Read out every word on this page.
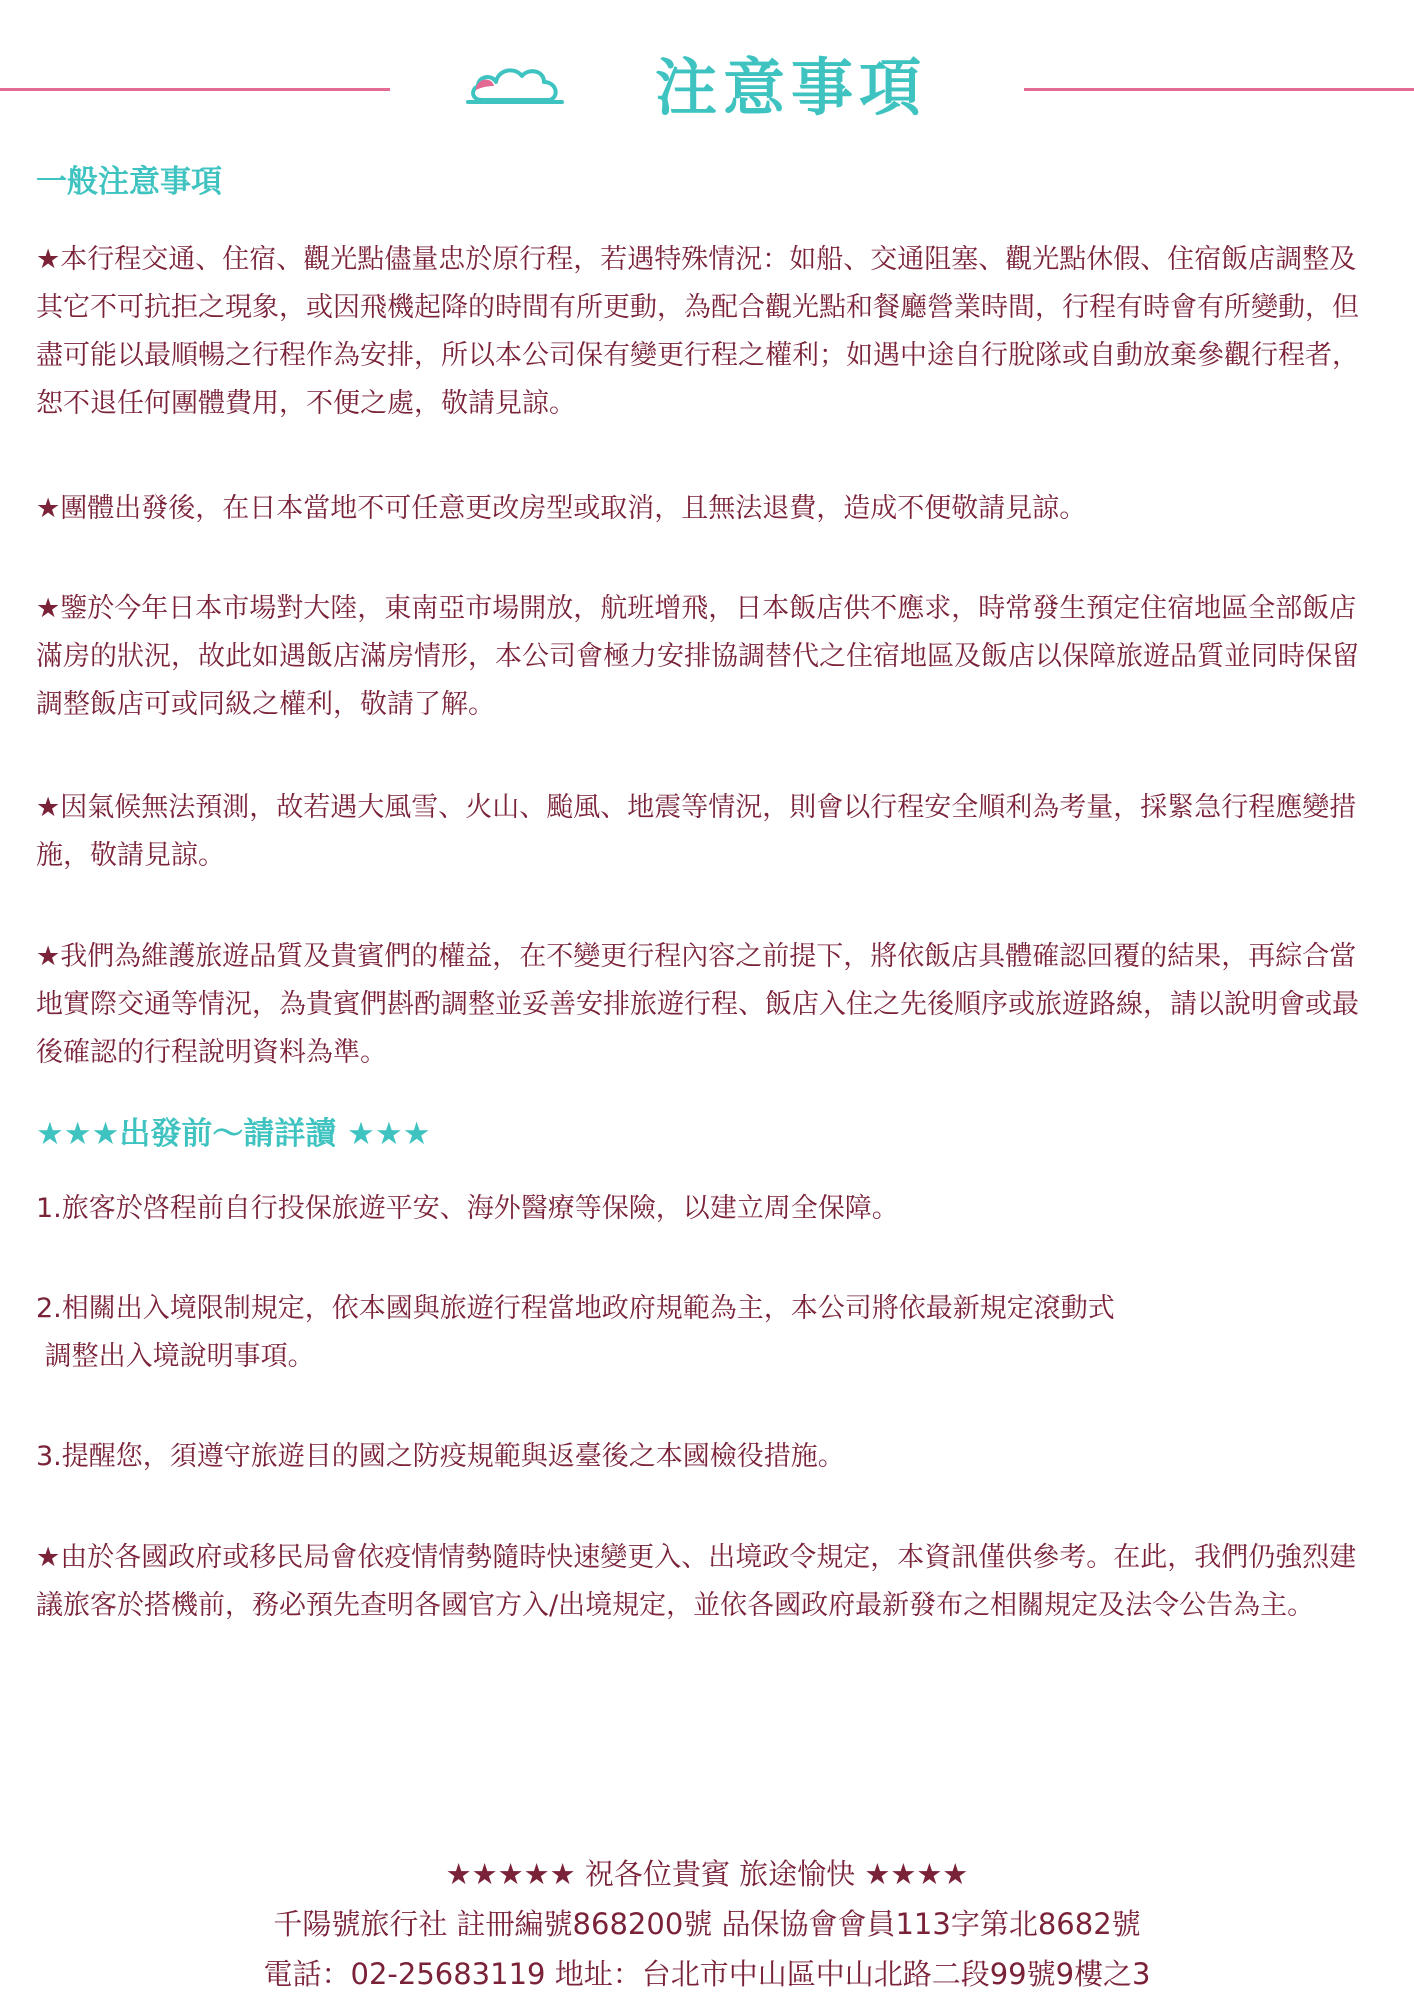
注意事項
一般注意事項
★本行程交通、住宿、觀光點儘量忠於原行程，若遇特殊情況：如船、交通阻塞、觀光點休假、住宿飯店調整及其它不可抗拒之現象，或因飛機起降的時間有所更動，為配合觀光點和餐廳營業時間，行程有時會有所變動，但盡可能以最順暢之行程作為安排，所以本公司保有變更行程之權利；如遇中途自行脫隊或自動放棄參觀行程者，恕不退任何團體費用，不便之處，敬請見諒。
★團體出發後，在日本當地不可任意更改房型或取消，且無法退費，造成不便敬請見諒。
★鑒於今年日本市場對大陸，東南亞市場開放，航班增飛，日本飯店供不應求，時常發生預定住宿地區全部飯店滿房的狀況，故此如遇飯店滿房情形，本公司會極力安排協調替代之住宿地區及飯店以保障旅遊品質並同時保留調整飯店可或同級之權利，敬請了解。
★因氣候無法預測，故若遇大風雪、火山、颱風、地震等情況，則會以行程安全順利為考量，採緊急行程應變措施，敬請見諒。
★我們為維護旅遊品質及貴賓們的權益，在不變更行程內容之前提下，將依飯店具體確認回覆的結果，再綜合當地實際交通等情況，為貴賓們斟酌調整並妥善安排旅遊行程、飯店入住之先後順序或旅遊路線，請以說明會或最後確認的行程說明資料為準。
★★★出發前～請詳讀 ★★★
1.旅客於啓程前自行投保旅遊平安、海外醫療等保險，以建立周全保障。
2.相關出入境限制規定，依本國與旅遊行程當地政府規範為主，本公司將依最新規定滾動式
調整出入境說明事項。
3.提醒您，須遵守旅遊目的國之防疫規範與返臺後之本國檢役措施。
★由於各國政府或移民局會依疫情情勢隨時快速變更入、出境政令規定，本資訊僅供參考。在此，我們仍強烈建議旅客於搭機前，務必預先查明各國官方入/出境規定，並依各國政府最新發布之相關規定及法令公告為主。
★★★★★ 祝各位貴賓 旅途愉快 ★★★★
千陽號旅行社 註冊編號868200號 品保協會會員113字第北8682號
電話：02-25683119 地址：台北市中山區中山北路二段99號9樓之3
